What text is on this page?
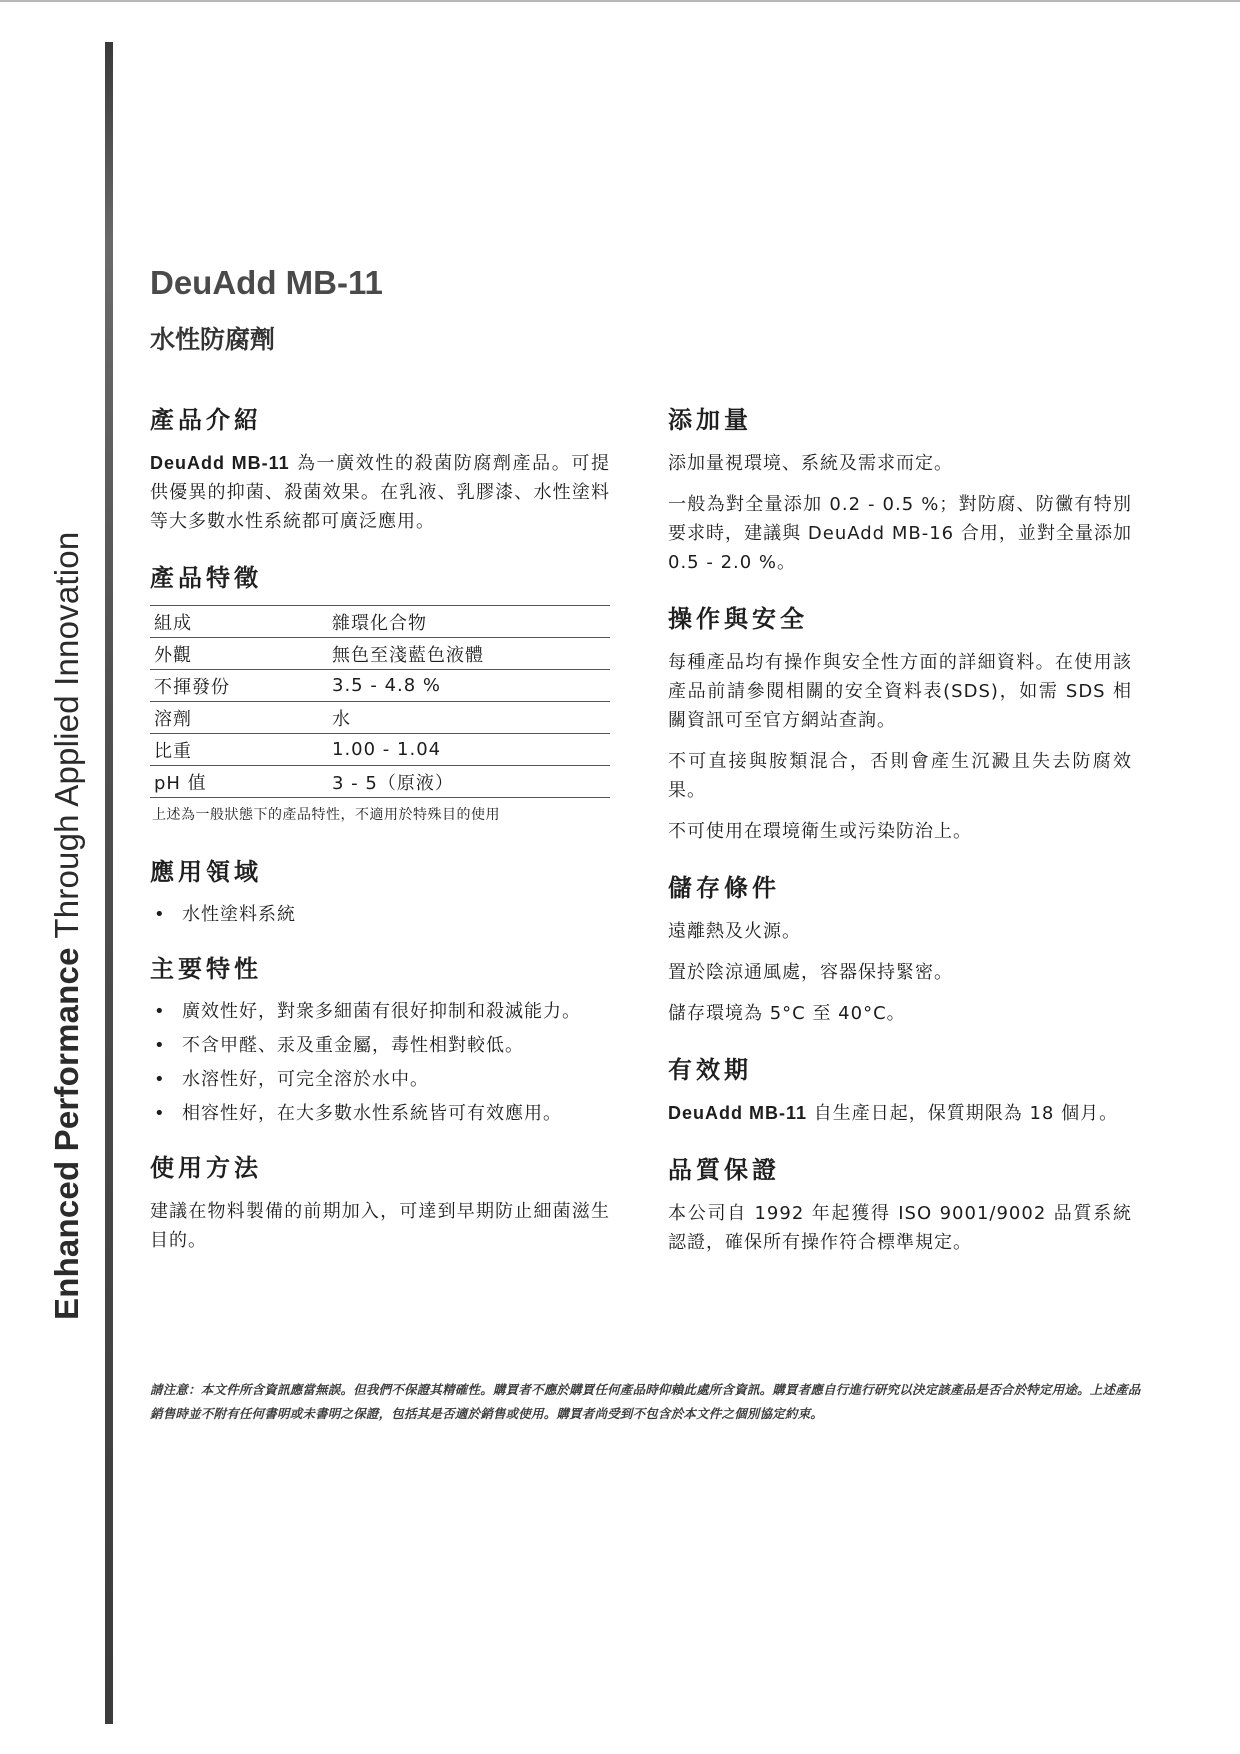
Enhanced Performance Through Applied Innovation
DeuAdd MB-11
水性防腐劑
產品介紹

DeuAdd MB-11 為一廣效性的殺菌防腐劑產品。可提供優異的抑菌、殺菌效果。在乳液、乳膠漆、水性塗料等大多數水性系統都可廣泛應用。

產品特徵
組成	雜環化合物
外觀	無色至淺藍色液體
不揮發份	3.5 - 4.8 %
溶劑	水
比重	1.00 - 1.04
pH 值	3 - 5（原液）
上述為一般狀態下的產品特性，不適用於特殊目的使用
應用領域
• 水性塗料系統
主要特性
• 廣效性好，對衆多細菌有很好抑制和殺滅能力。
• 不含甲醛、汞及重金屬，毒性相對較低。
• 水溶性好，可完全溶於水中。
• 相容性好，在大多數水性系統皆可有效應用。
使用方法

建議在物料製備的前期加入，可達到早期防止細菌滋生目的。

添加量

添加量視環境、系統及需求而定。

一般為對全量添加 0.2 - 0.5 %；對防腐、防黴有特別要求時，建議與 DeuAdd MB-16 合用，並對全量添加 0.5 - 2.0 %。

操作與安全

每種產品均有操作與安全性方面的詳細資料。在使用該產品前請參閱相關的安全資料表(SDS)，如需 SDS 相關資訊可至官方網站查詢。

不可直接與胺類混合，否則會產生沉澱且失去防腐效果。

不可使用在環境衛生或污染防治上。

儲存條件

遠離熱及火源。

置於陰涼通風處，容器保持緊密。

儲存環境為 5°C 至 40°C。

有效期

DeuAdd MB-11 自生產日起，保質期限為 18 個月。

品質保證

本公司自 1992 年起獲得 ISO 9001/9002 品質系統認證，確保所有操作符合標準規定。

請注意：本文件所含資訊應當無誤。但我們不保證其精確性。購買者不應於購買任何產品時仰賴此處所含資訊。購買者應自行進行研究以決定該產品是否合於特定用途。上述產品銷售時並不附有任何書明或未書明之保證，包括其是否適於銷售或使用。購買者尚受到不包含於本文件之個別協定約束。
